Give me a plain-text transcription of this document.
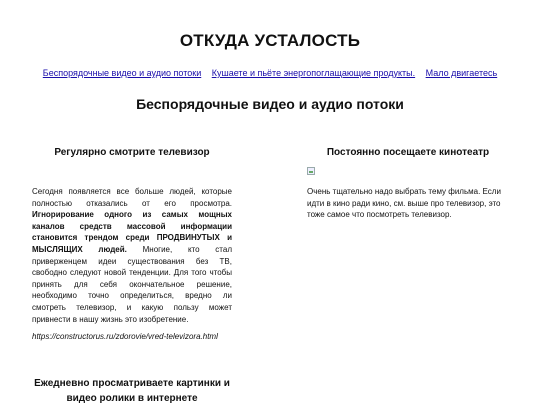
ОТКУДА УСТАЛОСТЬ
Беспорядочные видео и аудио потоки Кушаете и пьёте энергопоглащающие продукты. Мало двигаетесь
Беспорядочные видео и аудио потоки
Регулярно смотрите телевизор	Постоянно посещаете кинотеатр
Сегодня появляется все больше людей, которые полностью отказались от его просмотра. Игнорирование одного из самых мощных каналов средств массовой информации становится трендом среди ПРОДВИНУТЫХ и МЫСЛЯЩИХ людей. Многие, кто стал приверженцем идеи существования без ТВ, свободно следуют новой тенденции. Для того чтобы принять для себя окончательное решение, необходимо точно определиться, вредно ли смотреть телевизор, и какую пользу может привнести в нашу жизнь это изобретение.
https://constructorus.ru/zdorovie/vred-televizora.html
Ежедневно просматриваете картинки и видео ролики в интернете
Очень тщательно надо выбрать тему фильма. Если идти в кино ради кино, см. выше про телевизор, это тоже самое что посмотреть телевизор.
